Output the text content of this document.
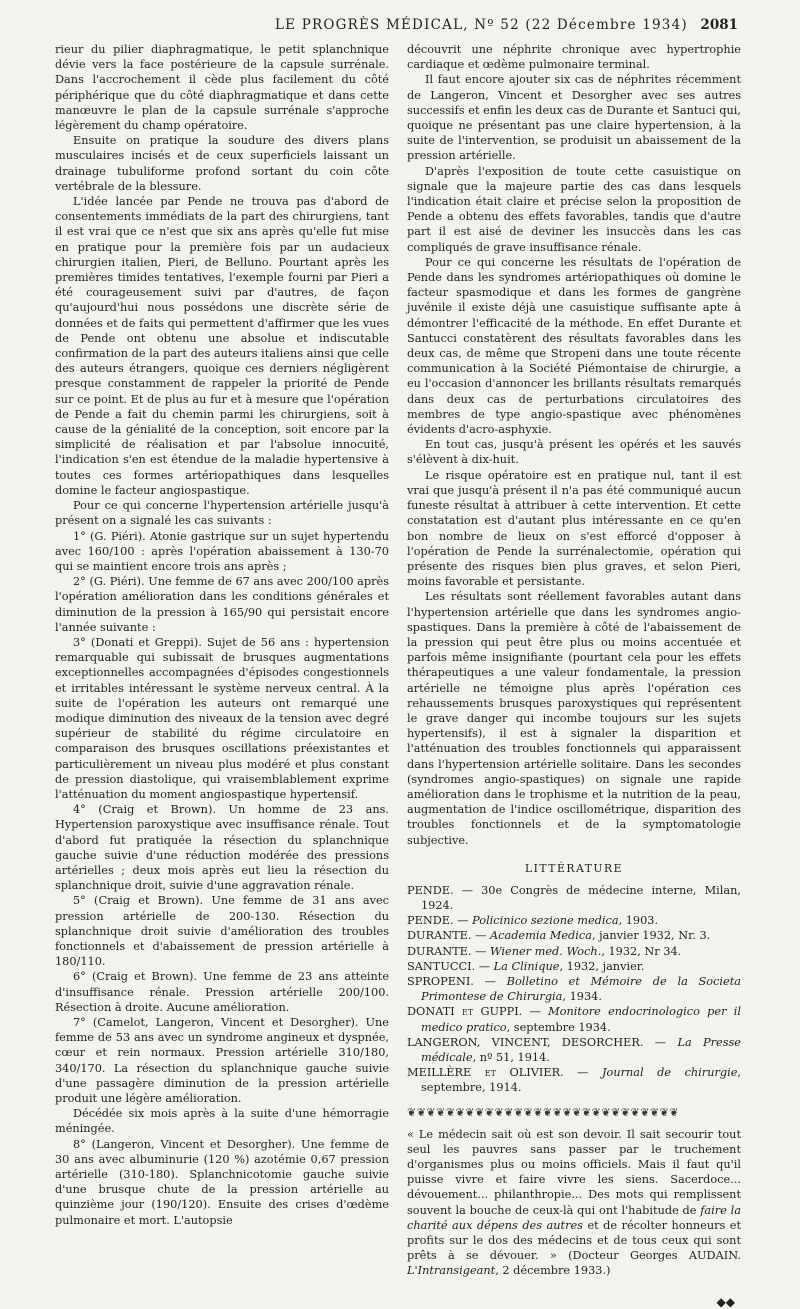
LE PROGRÈS MÉDICAL, Nº 52 (22 Décembre 1934) 2081

rieur du pilier diaphragmatique, le petit splanchnique dévie vers la face postérieure de la capsule surrénale. Dans l'accrochement il cède plus facilement du côté périphérique que du côté diaphragmatique et dans cette manœuvre le plan de la capsule surrénale s'approche légèrement du champ opératoire.

Ensuite on pratique la soudure des divers plans musculaires incisés et de ceux superficiels laissant un drainage tubuliforme profond sortant du coin côte vertébrale de la blessure.

L'idée lancée par Pende ne trouva pas d'abord de consentements immédiats de la part des chirurgiens, tant il est vrai que ce n'est que six ans après qu'elle fut mise en pratique pour la première fois par un audacieux chirurgien italien, Pieri, de Belluno. Pourtant après les premières timides tentatives, l'exemple fourni par Pieri a été courageusement suivi par d'autres, de façon qu'aujourd'hui nous possédons une discrète série de données et de faits qui permettent d'affirmer que les vues de Pende ont obtenu une absolue et indiscutable confirmation de la part des auteurs italiens ainsi que celle des auteurs étrangers, quoique ces derniers négligèrent presque constamment de rappeler la priorité de Pende sur ce point. Et de plus au fur et à mesure que l'opération de Pende a fait du chemin parmi les chirurgiens, soit à cause de la génialité de la conception, soit encore par la simplicité de réalisation et par l'absolue innocuité, l'indication s'en est étendue de la maladie hypertensive à toutes ces formes artériopathiques dans lesquelles domine le facteur angiospastique.

Pour ce qui concerne l'hypertension artérielle jusqu'à présent on a signalé les cas suivants :

1° (G. Piéri). Atonie gastrique sur un sujet hypertendu avec 160/100 : après l'opération abaissement à 130-70 qui se maintient encore trois ans après ;

2° (G. Piéri). Une femme de 67 ans avec 200/100 après l'opération amélioration dans les conditions générales et diminution de la pression à 165/90 qui persistait encore l'année suivante :

3° (Donati et Greppi). Sujet de 56 ans : hypertension remarquable qui subissait de brusques augmentations exceptionnelles accompagnées d'épisodes congestionnels et irritables intéressant le système nerveux central. À la suite de l'opération les auteurs ont remarqué une modique diminution des niveaux de la tension avec degré supérieur de stabilité du régime circulatoire en comparaison des brusques oscillations préexistantes et particulièrement un niveau plus modéré et plus constant de pression diastolique, qui vraisemblablement exprime l'atténuation du moment angiospastique hypertensif.

4° (Craig et Brown). Un homme de 23 ans. Hypertension paroxystique avec insuffisance rénale. Tout d'abord fut pratiquée la résection du splanchnique gauche suivie d'une réduction modérée des pressions artérielles ; deux mois après eut lieu la résection du splanchnique droit, suivie d'une aggravation rénale.

5° (Craig et Brown). Une femme de 31 ans avec pression artérielle de 200-130. Résection du splanchnique droit suivie d'amélioration des troubles fonctionnels et d'abaissement de pression artérielle à 180/110.

6° (Craig et Brown). Une femme de 23 ans atteinte d'insuffisance rénale. Pression artérielle 200/100. Résection à droite. Aucune amélioration.

7° (Camelot, Langeron, Vincent et Desorgher). Une femme de 53 ans avec un syndrome angineux et dyspnée, cœur et rein normaux. Pression artérielle 310/180, 340/170. La résection du splanchnique gauche suivie d'une passagère diminution de la pression artérielle produit une légère amélioration.

Décédée six mois après à la suite d'une hémorragie méningée.

8° (Langeron, Vincent et Desorgher). Une femme de 30 ans avec albuminurie (120 %) azotémie 0,67 pression artérielle (310-180). Splanchnicotomie gauche suivie d'une brusque chute de la pression artérielle au quinzième jour (190/120). Ensuite des crises d'œdème pulmonaire et mort. L'autopsie

découvrit une néphrite chronique avec hypertrophie cardiaque et œdème pulmonaire terminal.

Il faut encore ajouter six cas de néphrites récemment de Langeron, Vincent et Desorgher avec ses autres successifs et enfin les deux cas de Durante et Santuci qui, quoique ne présentant pas une claire hypertension, à la suite de l'intervention, se produisit un abaissement de la pression artérielle.

D'après l'exposition de toute cette casuistique on signale que la majeure partie des cas dans lesquels l'indication était claire et précise selon la proposition de Pende a obtenu des effets favorables, tandis que d'autre part il est aisé de deviner les insuccès dans les cas compliqués de grave insuffisance rénale.

Pour ce qui concerne les résultats de l'opération de Pende dans les syndromes artériopathiques où domine le facteur spasmodique et dans les formes de gangrène juvénile il existe déjà une casuistique suffisante apte à démontrer l'efficacité de la méthode. En effet Durante et Santucci constatèrent des résultats favorables dans les deux cas, de même que Stropeni dans une toute récente communication à la Société Piémontaise de chirurgie, a eu l'occasion d'annoncer les brillants résultats remarqués dans deux cas de perturbations circulatoires des membres de type angio-spastique avec phénomènes évidents d'acro-asphyxie.

En tout cas, jusqu'à présent les opérés et les sauvés s'élèvent à dix-huit.

Le risque opératoire est en pratique nul, tant il est vrai que jusqu'à présent il n'a pas été communiqué aucun funeste résultat à attribuer à cette intervention. Et cette constatation est d'autant plus intéressante en ce qu'en bon nombre de lieux on s'est efforcé d'opposer à l'opération de Pende la surrénalectomie, opération qui présente des risques bien plus graves, et selon Pieri, moins favorable et persistante.

Les résultats sont réellement favorables autant dans l'hypertension artérielle que dans les syndromes angio-spastiques. Dans la première à côté de l'abaissement de la pression qui peut être plus ou moins accentuée et parfois même insignifiante (pourtant cela pour les effets thérapeutiques a une valeur fondamentale, la pression artérielle ne témoigne plus après l'opération ces rehaussements brusques paroxystiques qui représentent le grave danger qui incombe toujours sur les sujets hypertensifs), il est à signaler la disparition et l'atténuation des troubles fonctionnels qui apparaissent dans l'hypertension artérielle solitaire. Dans les secondes (syndromes angio-spastiques) on signale une rapide amélioration dans le trophisme et la nutrition de la peau, augmentation de l'indice oscillométrique, disparition des troubles fonctionnels et de la symptomatologie subjective.

LITTÉRATURE

PENDE. — 30e Congrès de médecine interne, Milan, 1924.

PENDE. — Policinico sezione medica, 1903.

DURANTE. — Academia Medica, janvier 1932, Nr. 3.

DURANTE. — Wiener med. Woch., 1932, Nr 34.

SANTUCCI. — La Clinique, 1932, janvier.

SPROPENI. — Bolletino et Mémoire de la Societa Primontese de Chirurgia, 1934.

DONATI et GUPPI. — Monitore endocrinologico per il medico pratico, septembre 1934.

LANGERON, VINCENT, DESORCHER. — La Presse médicale, nº 51, 1914.

MEILLÈRE et OLIVIER. — Journal de chirurgie, septembre, 1914.

❦❦❦❦❦❦❦❦❦❦❦❦❦❦❦❦❦❦❦❦❦❦❦❦❦❦❦❦

« Le médecin sait où est son devoir. Il sait secourir tout seul les pauvres sans passer par le truchement d'organismes plus ou moins officiels. Mais il faut qu'il puisse vivre et faire vivre les siens. Sacerdoce... dévouement... philanthropie... Des mots qui remplissent souvent la bouche de ceux-là qui ont l'habitude de faire la charité aux dépens des autres et de récolter honneurs et profits sur le dos des médecins et de tous ceux qui sont prêts à se dévouer. » (Docteur Georges AUDAIN. L'Intransigeant, 2 décembre 1933.)

◆◆
